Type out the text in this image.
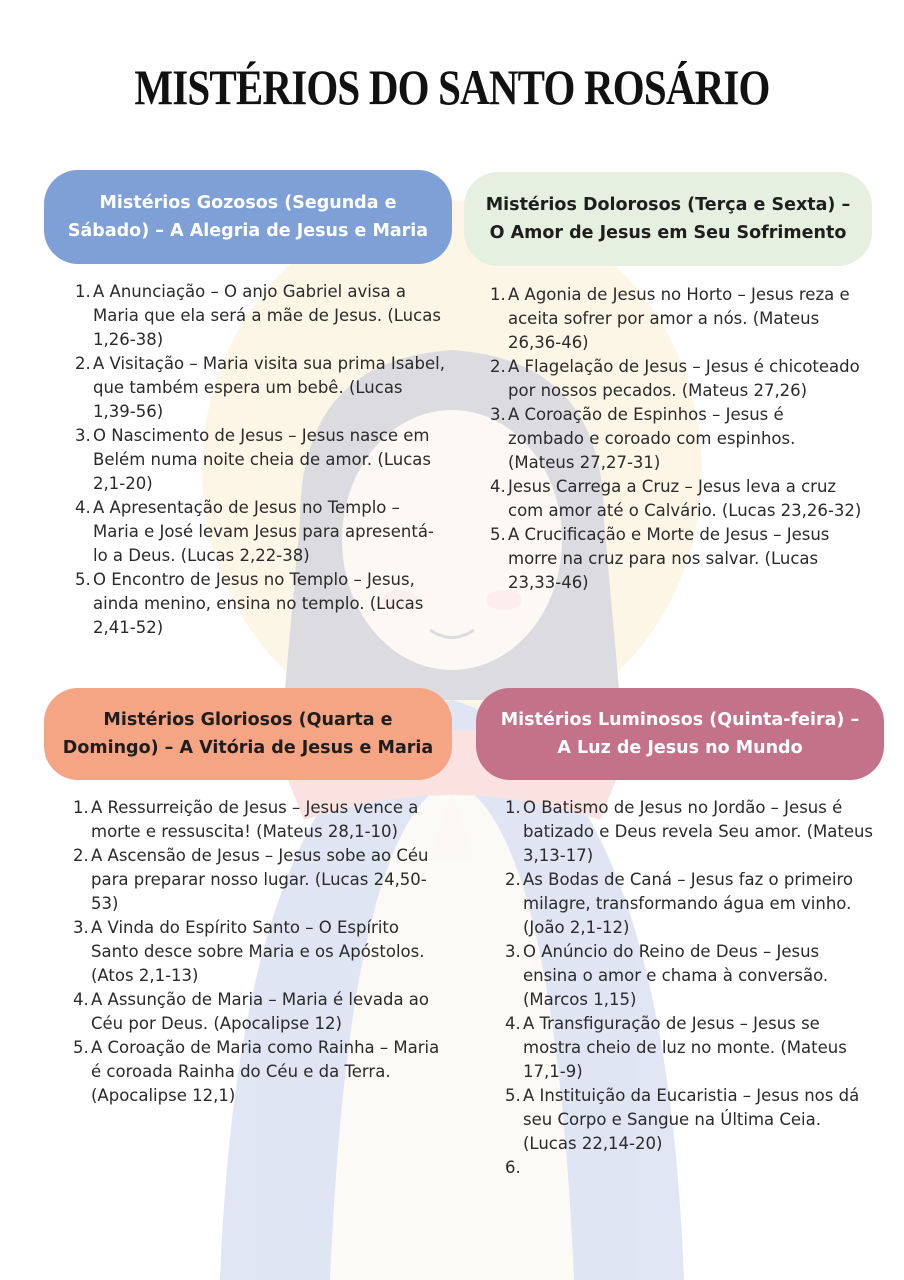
MISTÉRIOS DO SANTO ROSÁRIO
Mistérios Gozosos (Segunda e
Sábado) – A Alegria de Jesus e Maria
1. A Anunciação – O anjo Gabriel avisa a Maria que ela será a mãe de Jesus. (Lucas 1,26-38)
2. A Visitação – Maria visita sua prima Isabel, que também espera um bebê. (Lucas 1,39-56)
3. O Nascimento de Jesus – Jesus nasce em Belém numa noite cheia de amor. (Lucas 2,1-20)
4. A Apresentação de Jesus no Templo – Maria e José levam Jesus para apresentá-lo a Deus. (Lucas 2,22-38)
5. O Encontro de Jesus no Templo – Jesus, ainda menino, ensina no templo. (Lucas 2,41-52)
Mistérios Dolorosos (Terça e Sexta) –
O Amor de Jesus em Seu Sofrimento
1. A Agonia de Jesus no Horto – Jesus reza e aceita sofrer por amor a nós. (Mateus 26,36-46)
2. A Flagelação de Jesus – Jesus é chicoteado por nossos pecados. (Mateus 27,26)
3. A Coroação de Espinhos – Jesus é zombado e coroado com espinhos. (Mateus 27,27-31)
4. Jesus Carrega a Cruz – Jesus leva a cruz com amor até o Calvário. (Lucas 23,26-32)
5. A Crucificação e Morte de Jesus – Jesus morre na cruz para nos salvar. (Lucas 23,33-46)
Mistérios Gloriosos (Quarta e
Domingo) – A Vitória de Jesus e Maria
1. A Ressurreição de Jesus – Jesus vence a morte e ressuscita! (Mateus 28,1-10)
2. A Ascensão de Jesus – Jesus sobe ao Céu para preparar nosso lugar. (Lucas 24,50-53)
3. A Vinda do Espírito Santo – O Espírito Santo desce sobre Maria e os Apóstolos. (Atos 2,1-13)
4. A Assunção de Maria – Maria é levada ao Céu por Deus. (Apocalipse 12)
5. A Coroação de Maria como Rainha – Maria é coroada Rainha do Céu e da Terra. (Apocalipse 12,1)
Mistérios Luminosos (Quinta-feira) –
A Luz de Jesus no Mundo
1. O Batismo de Jesus no Jordão – Jesus é batizado e Deus revela Seu amor. (Mateus 3,13-17)
2. As Bodas de Caná – Jesus faz o primeiro milagre, transformando água em vinho. (João 2,1-12)
3. O Anúncio do Reino de Deus – Jesus ensina o amor e chama à conversão. (Marcos 1,15)
4. A Transfiguração de Jesus – Jesus se mostra cheio de luz no monte. (Mateus 17,1-9)
5. A Instituição da Eucaristia – Jesus nos dá seu Corpo e Sangue na Última Ceia. (Lucas 22,14-20)
6.
